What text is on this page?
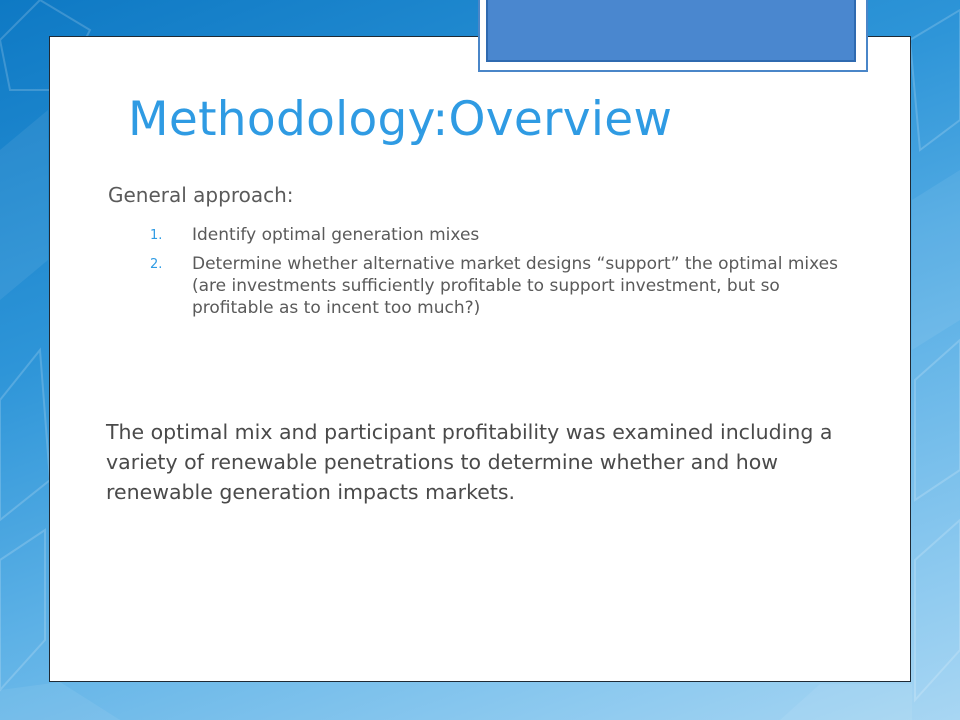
Methodology:Overview
General approach:
1. Identify optimal generation mixes
2. Determine whether alternative market designs “support” the optimal mixes (are investments sufficiently profitable to support investment, but so profitable as to incent too much?)

The optimal mix and participant profitability was examined including a variety of renewable penetrations to determine whether and how renewable generation impacts markets.
